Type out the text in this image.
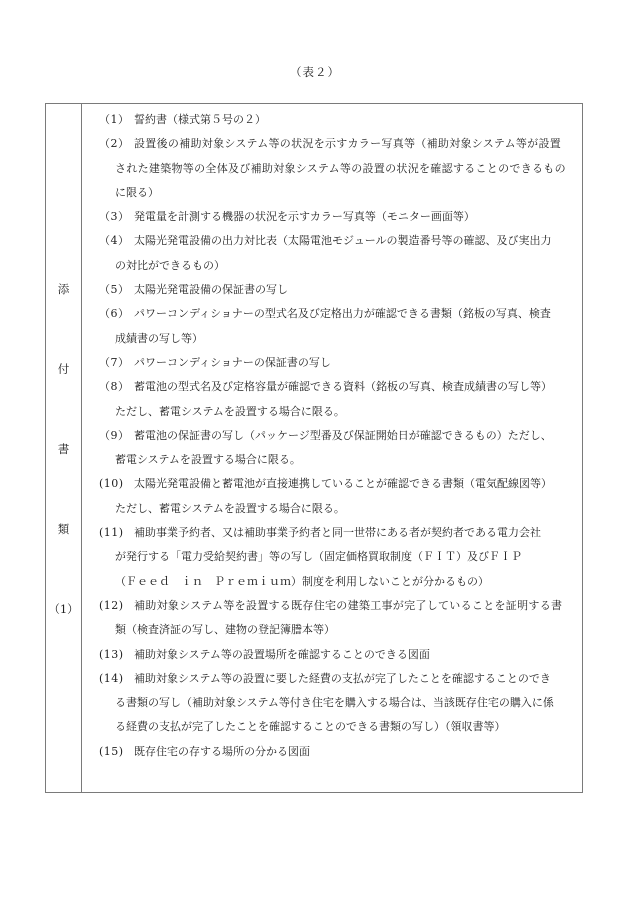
（表２）
添
付
書
類
（1）
（1） 誓約書（様式第５号の２）
（2） 設置後の補助対象システム等の状況を示すカラー写真等（補助対象システム等が設置
された建築物等の全体及び補助対象システム等の設置の状況を確認することのできるもの
に限る）
（3） 発電量を計測する機器の状況を示すカラー写真等（モニター画面等）
（4） 太陽光発電設備の出力対比表（太陽電池モジュールの製造番号等の確認、及び実出力
の対比ができるもの）
（5） 太陽光発電設備の保証書の写し
（6） パワーコンディショナーの型式名及び定格出力が確認できる書類（銘板の写真、検査
成績書の写し等）
（7） パワーコンディショナーの保証書の写し
（8） 蓄電池の型式名及び定格容量が確認できる資料（銘板の写真、検査成績書の写し等）
ただし、蓄電システムを設置する場合に限る。
（9） 蓄電池の保証書の写し（パッケージ型番及び保証開始日が確認できるもの）ただし、
蓄電システムを設置する場合に限る。
(10) 太陽光発電設備と蓄電池が直接連携していることが確認できる書類（電気配線図等）
ただし、蓄電システムを設置する場合に限る。
(11) 補助事業予約者、又は補助事業予約者と同一世帯にある者が契約者である電力会社
が発行する「電力受給契約書」等の写し（固定価格買取制度（ＦＩＴ）及びＦＩＰ
（Ｆｅｅｄ　ｉｎ　Ｐｒｅｍｉｕｍ）制度を利用しないことが分かるもの）
(12) 補助対象システム等を設置する既存住宅の建築工事が完了していることを証明する書
類（検査済証の写し、建物の登記簿謄本等）
(13) 補助対象システム等の設置場所を確認することのできる図面
(14) 補助対象システム等の設置に要した経費の支払が完了したことを確認することのでき
る書類の写し（補助対象システム等付き住宅を購入する場合は、当該既存住宅の購入に係
る経費の支払が完了したことを確認することのできる書類の写し）（領収書等）
(15) 既存住宅の存する場所の分かる図面
